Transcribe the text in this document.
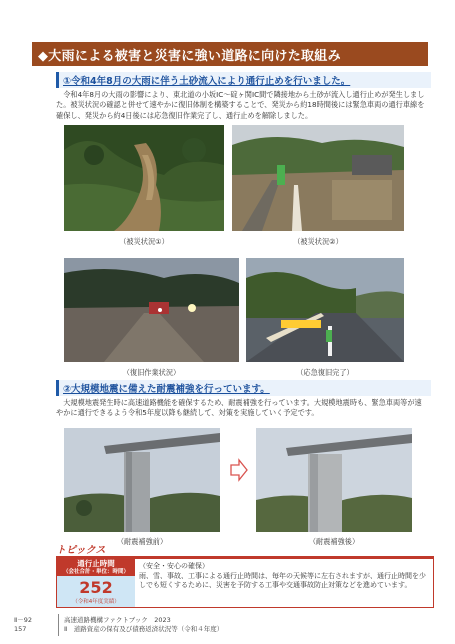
◆大雨による被害と災害に強い道路に向けた取組み
①令和4年8月の大雨に伴う土砂流入により通行止めを行いました。

令和4年8月の大雨の影響により、東北道の小坂IC～碇ヶ関IC間で隣接地から土砂が流入し通行止めが発生しました。被災状況の確認と併せて速やかに復旧体制を構築することで、発災から約18時間後には緊急車両の通行車線を確保し、発災から約4日後には応急復旧作業完了し、通行止めを解除しました。

（被災状況①）	（被災状況②）
（復旧作業状況）	（応急復旧完了）
②大規模地震に備えた耐震補強を行っています。

大規模地震発生時に高速道路機能を確保するため、耐震補強を行っています。大規模地震時も、緊急車両等が速やかに通行できるよう令和5年度以降も継続して、対策を実施していく予定です。

（耐震補強前）	（耐震補強後）
トピックス
通行止時間
（会社合計・単位：時間）
252
（令和4年度実績）
（安全・安心の確保）
雨、雪、事故、工事による通行止時間は、毎年の天候等に左右されますが、通行止時間を少しでも短くするために、災害を予防する工事や交通事故防止対策などを進めています。
Ⅱ－92
157
高速道路機構ファクトブック　2023
Ⅱ　道路資産の保有及び債務返済状況等（令和４年度）
